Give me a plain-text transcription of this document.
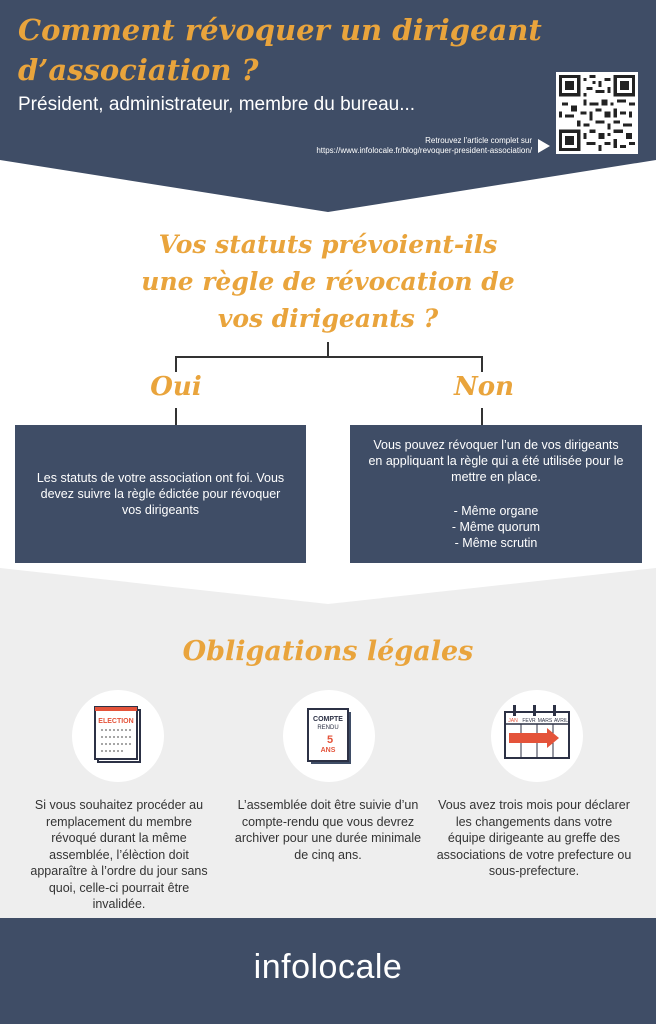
Comment révoquer un dirigeant d’association ?
Président, administrateur, membre du bureau...
Retrouvez l'article complet sur
https://www.infolocale.fr/blog/revoquer-president-association/
Vos statuts prévoient-ils
une règle de révocation de
vos dirigeants ?
Oui	Non
Les statuts de votre association ont foi. Vous devez suivre la règle édictée pour révoquer vos dirigeants
Vous pouvez révoquer l’un de vos dirigeants en appliquant la règle qui a été utilisée pour le mettre en place.
- Même organe
- Même quorum
- Même scrutin
Obligations légales
ELECTION	COMPTE
RENDU
5
ANS
JAN FEVR MARS AVRIL
Si vous souhaitez procéder au remplacement du membre révoqué durant la même assemblée, l’élèction doit apparaître à l’ordre du jour sans quoi, celle-ci pourrait être invalidée.
L’assemblée doit être suivie d’un compte-rendu que vous devrez archiver pour une durée minimale de cinq ans.
Vous avez trois mois pour déclarer les changements dans votre équipe dirigeante au greffe des associations de votre prefecture ou sous-prefecture.
infolocale
